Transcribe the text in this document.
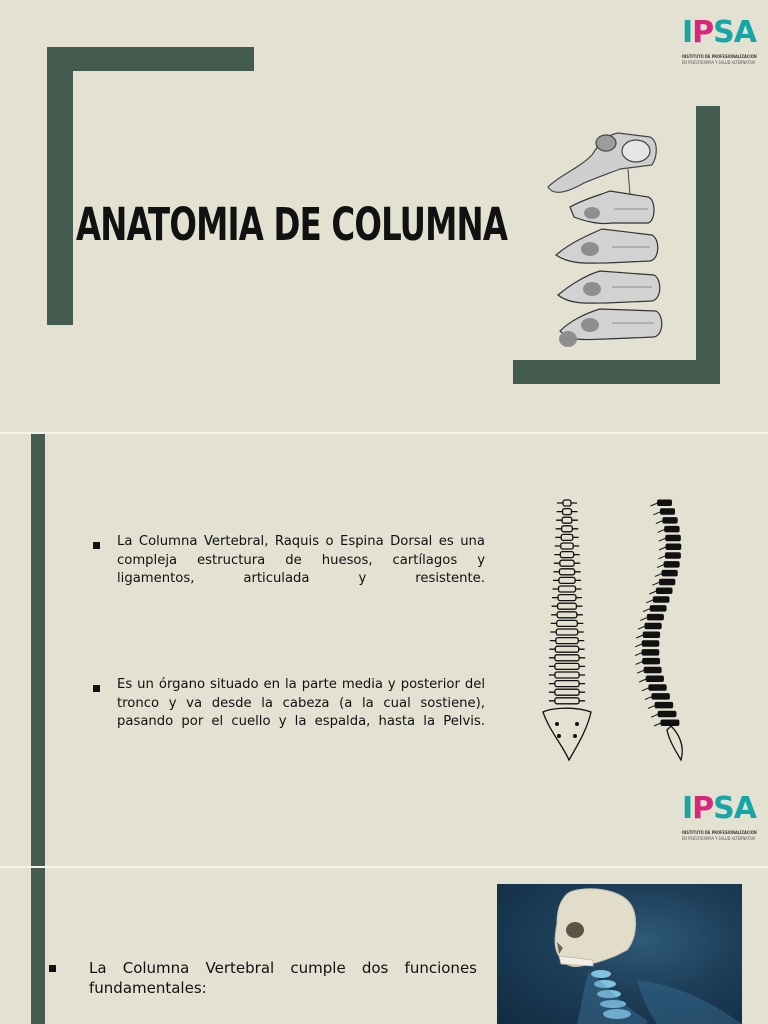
ANATOMIA DE COLUMNA
IPSA
INSTITUTO DE PROFESIONALIZACIÓN
EN PSICOTERAPIA Y SALUD ALTERNATIVA

La Columna Vertebral, Raquis o Espina Dorsal es una compleja estructura de huesos, cartílagos y ligamentos, articulada y resistente.

Es un órgano situado en la parte media y posterior del tronco y va desde la cabeza (a la cual sostiene), pasando por el cuello y la espalda, hasta la Pelvis.

IPSA
INSTITUTO DE PROFESIONALIZACIÓN
EN PSICOTERAPIA Y SALUD ALTERNATIVA

La Columna Vertebral cumple dos funciones fundamentales:
